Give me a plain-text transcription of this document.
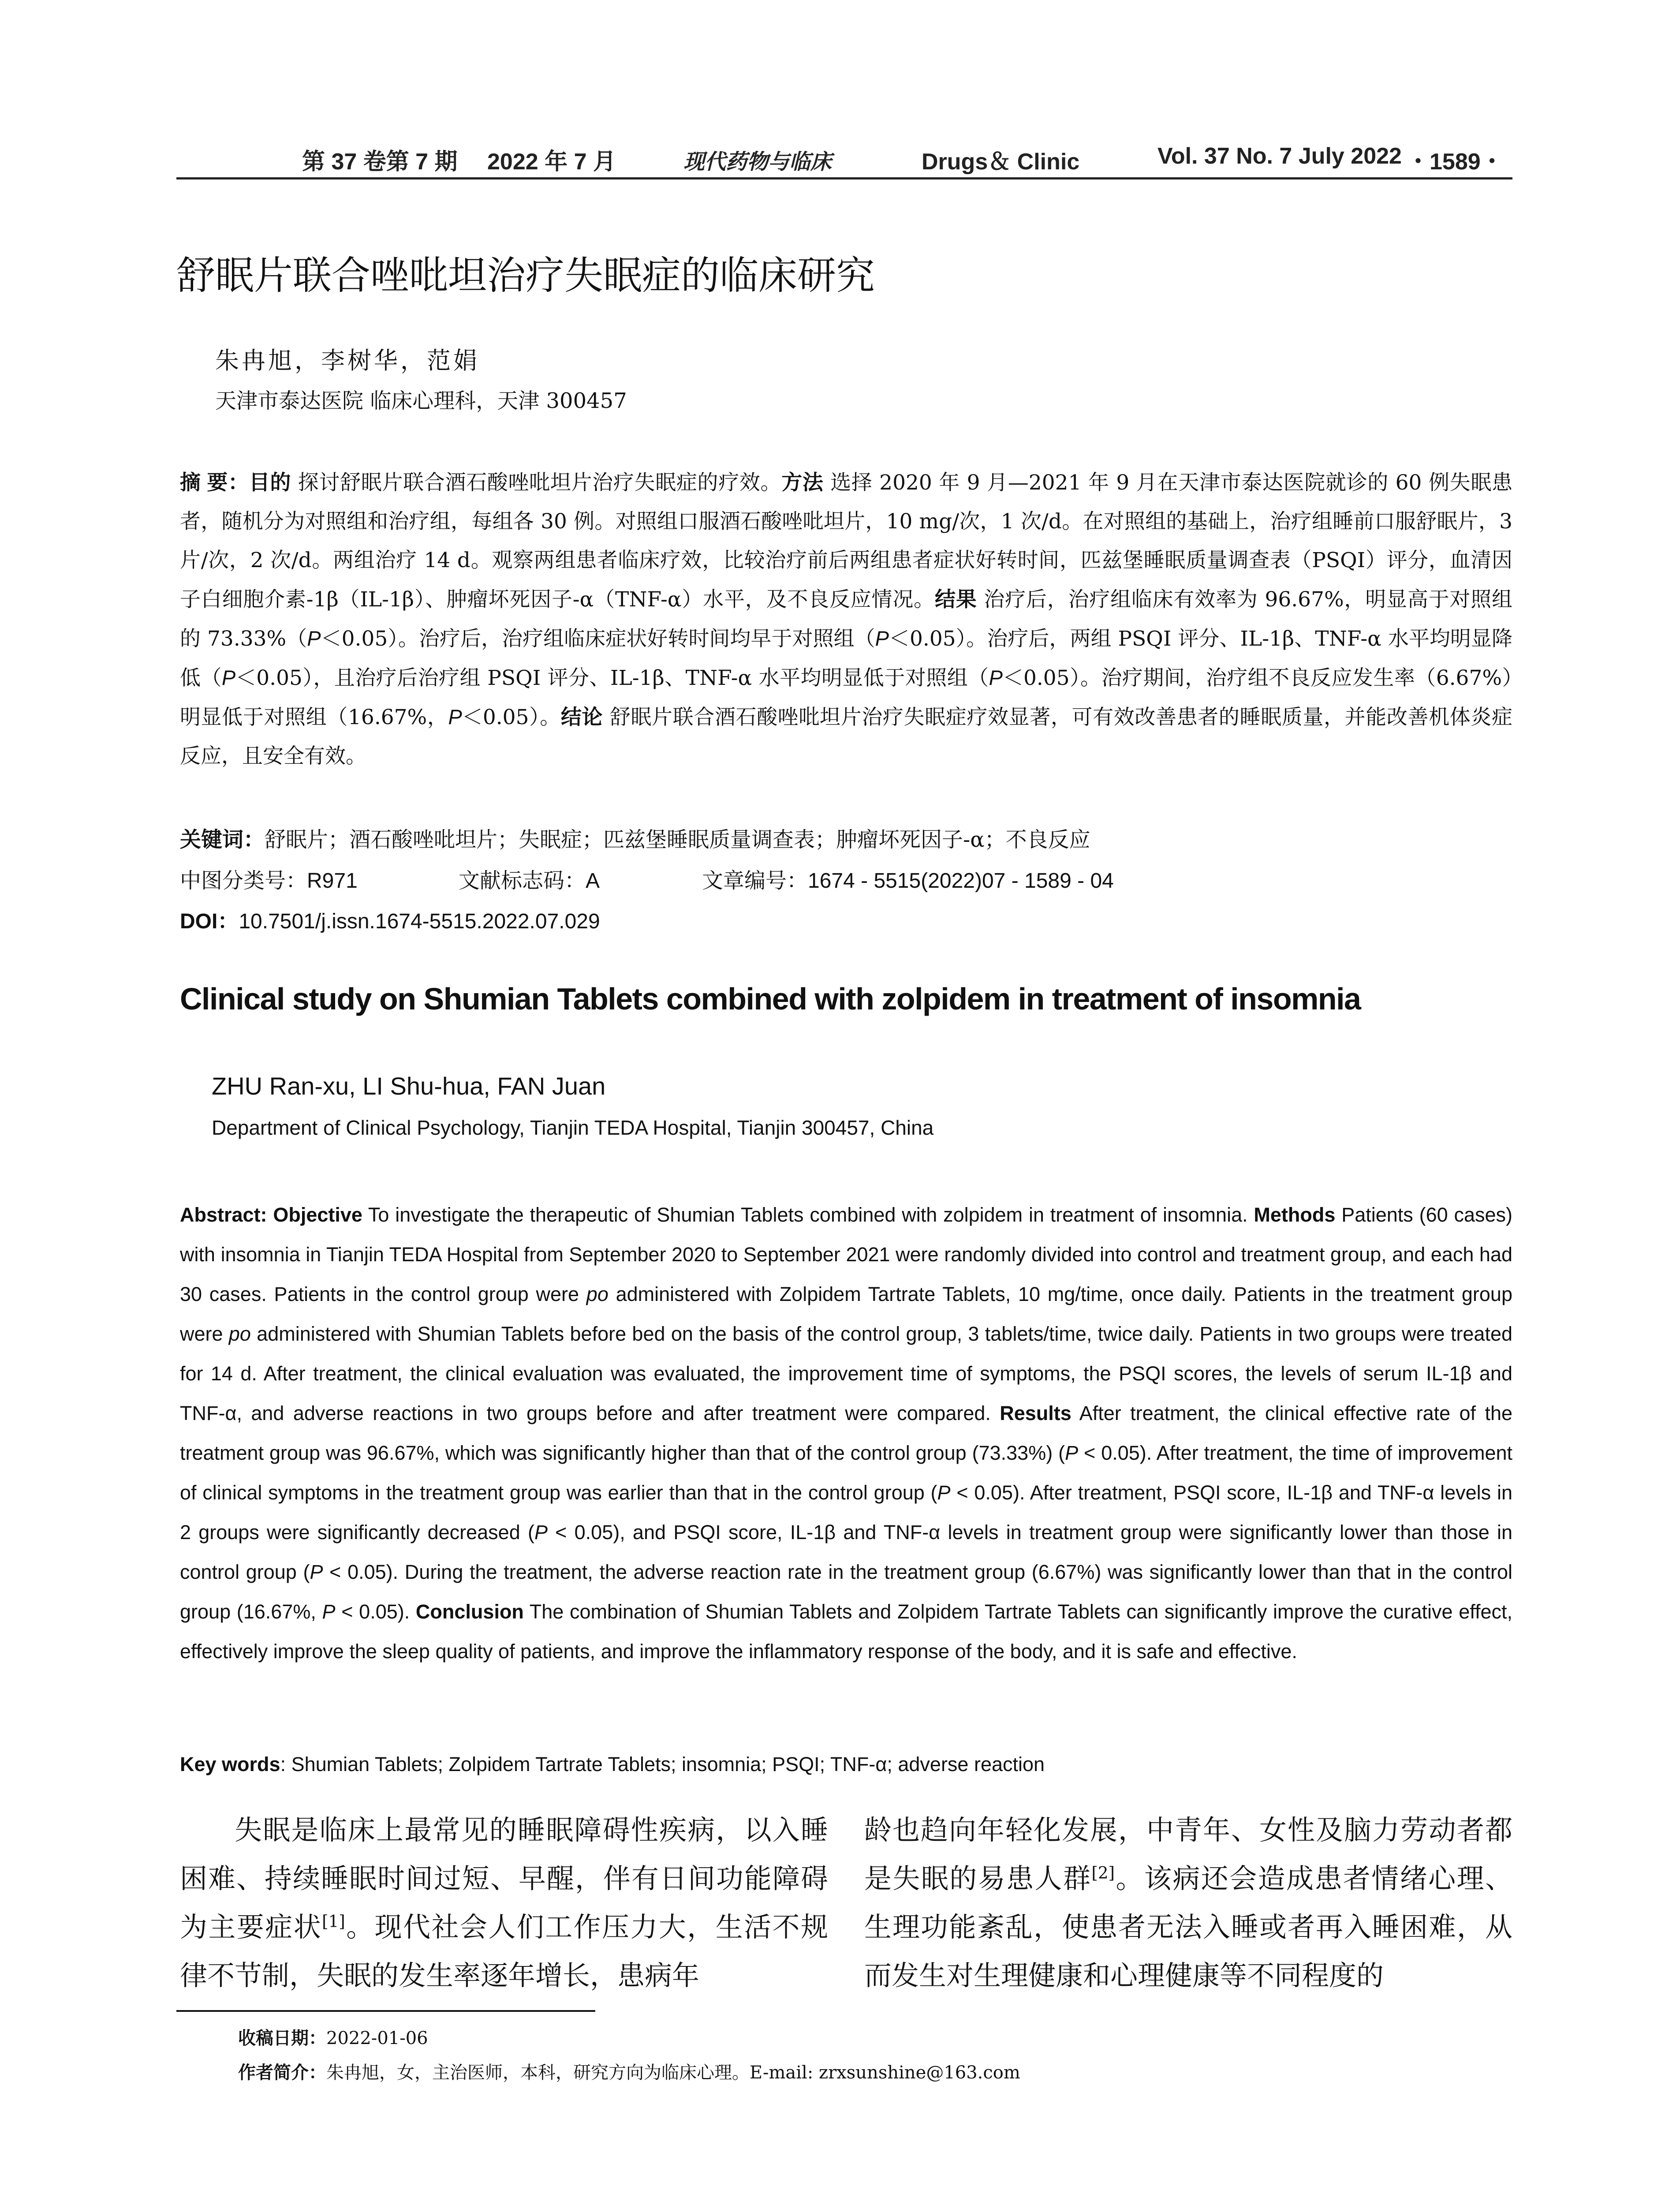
第 37 卷第 7 期 2022 年 7 月	现代药物与临床	Drugs＆ Clinic	Vol. 37 No. 7 July 2022 ・1589・
舒眠片联合唑吡坦治疗失眠症的临床研究
朱冉旭，李树华，范娟
天津市泰达医院 临床心理科，天津 300457
摘 要：目的 探讨舒眠片联合酒石酸唑吡坦片治疗失眠症的疗效。方法 选择 2020 年 9 月—2021 年 9 月在天津市泰达医院就诊的 60 例失眠患者，随机分为对照组和治疗组，每组各 30 例。对照组口服酒石酸唑吡坦片，10 mg/次，1 次/d。在对照组的基础上，治疗组睡前口服舒眠片，3 片/次，2 次/d。两组治疗 14 d。观察两组患者临床疗效，比较治疗前后两组患者症状好转时间，匹兹堡睡眠质量调查表（PSQI）评分，血清因子白细胞介素-1β（IL-1β）、肿瘤坏死因子-α（TNF-α）水平，及不良反应情况。结果 治疗后，治疗组临床有效率为 96.67%，明显高于对照组的 73.33%（P＜0.05）。治疗后，治疗组临床症状好转时间均早于对照组（P＜0.05）。治疗后，两组 PSQI 评分、IL-1β、TNF-α 水平均明显降低（P＜0.05），且治疗后治疗组 PSQI 评分、IL-1β、TNF-α 水平均明显低于对照组（P＜0.05）。治疗期间，治疗组不良反应发生率（6.67%）明显低于对照组（16.67%，P＜0.05）。结论 舒眠片联合酒石酸唑吡坦片治疗失眠症疗效显著，可有效改善患者的睡眠质量，并能改善机体炎症反应，且安全有效。
关键词：舒眠片；酒石酸唑吡坦片；失眠症；匹兹堡睡眠质量调查表；肿瘤坏死因子-α；不良反应
中图分类号：R971	文献标志码：A	文章编号：1674 - 5515(2022)07 - 1589 - 04
DOI：10.7501/j.issn.1674-5515.2022.07.029
Clinical study on Shumian Tablets combined with zolpidem in treatment of insomnia
ZHU Ran-xu, LI Shu-hua, FAN Juan
Department of Clinical Psychology, Tianjin TEDA Hospital, Tianjin 300457, China
Abstract: Objective To investigate the therapeutic of Shumian Tablets combined with zolpidem in treatment of insomnia. Methods Patients (60 cases) with insomnia in Tianjin TEDA Hospital from September 2020 to September 2021 were randomly divided into control and treatment group, and each had 30 cases. Patients in the control group were po administered with Zolpidem Tartrate Tablets, 10 mg/time, once daily. Patients in the treatment group were po administered with Shumian Tablets before bed on the basis of the control group, 3 tablets/time, twice daily. Patients in two groups were treated for 14 d. After treatment, the clinical evaluation was evaluated, the improvement time of symptoms, the PSQI scores, the levels of serum IL-1β and TNF-α, and adverse reactions in two groups before and after treatment were compared. Results After treatment, the clinical effective rate of the treatment group was 96.67%, which was significantly higher than that of the control group (73.33%) (P < 0.05). After treatment, the time of improvement of clinical symptoms in the treatment group was earlier than that in the control group (P < 0.05). After treatment, PSQI score, IL-1β and TNF-α levels in 2 groups were significantly decreased (P < 0.05), and PSQI score, IL-1β and TNF-α levels in treatment group were significantly lower than those in control group (P < 0.05). During the treatment, the adverse reaction rate in the treatment group (6.67%) was significantly lower than that in the control group (16.67%, P < 0.05). Conclusion The combination of Shumian Tablets and Zolpidem Tartrate Tablets can significantly improve the curative effect, effectively improve the sleep quality of patients, and improve the inflammatory response of the body, and it is safe and effective.
Key words: Shumian Tablets; Zolpidem Tartrate Tablets; insomnia; PSQI; TNF-α; adverse reaction
失眠是临床上最常见的睡眠障碍性疾病，以入睡困难、持续睡眠时间过短、早醒，伴有日间功能障碍为主要症状[1]。现代社会人们工作压力大，生活不规律不节制，失眠的发生率逐年增长，患病年
龄也趋向年轻化发展，中青年、女性及脑力劳动者都是失眠的易患人群[2]。该病还会造成患者情绪心理、生理功能紊乱，使患者无法入睡或者再入睡困难，从而发生对生理健康和心理健康等不同程度的
收稿日期：2022-01-06
作者简介：朱冉旭，女，主治医师，本科，研究方向为临床心理。E-mail: zrxsunshine@163.com
